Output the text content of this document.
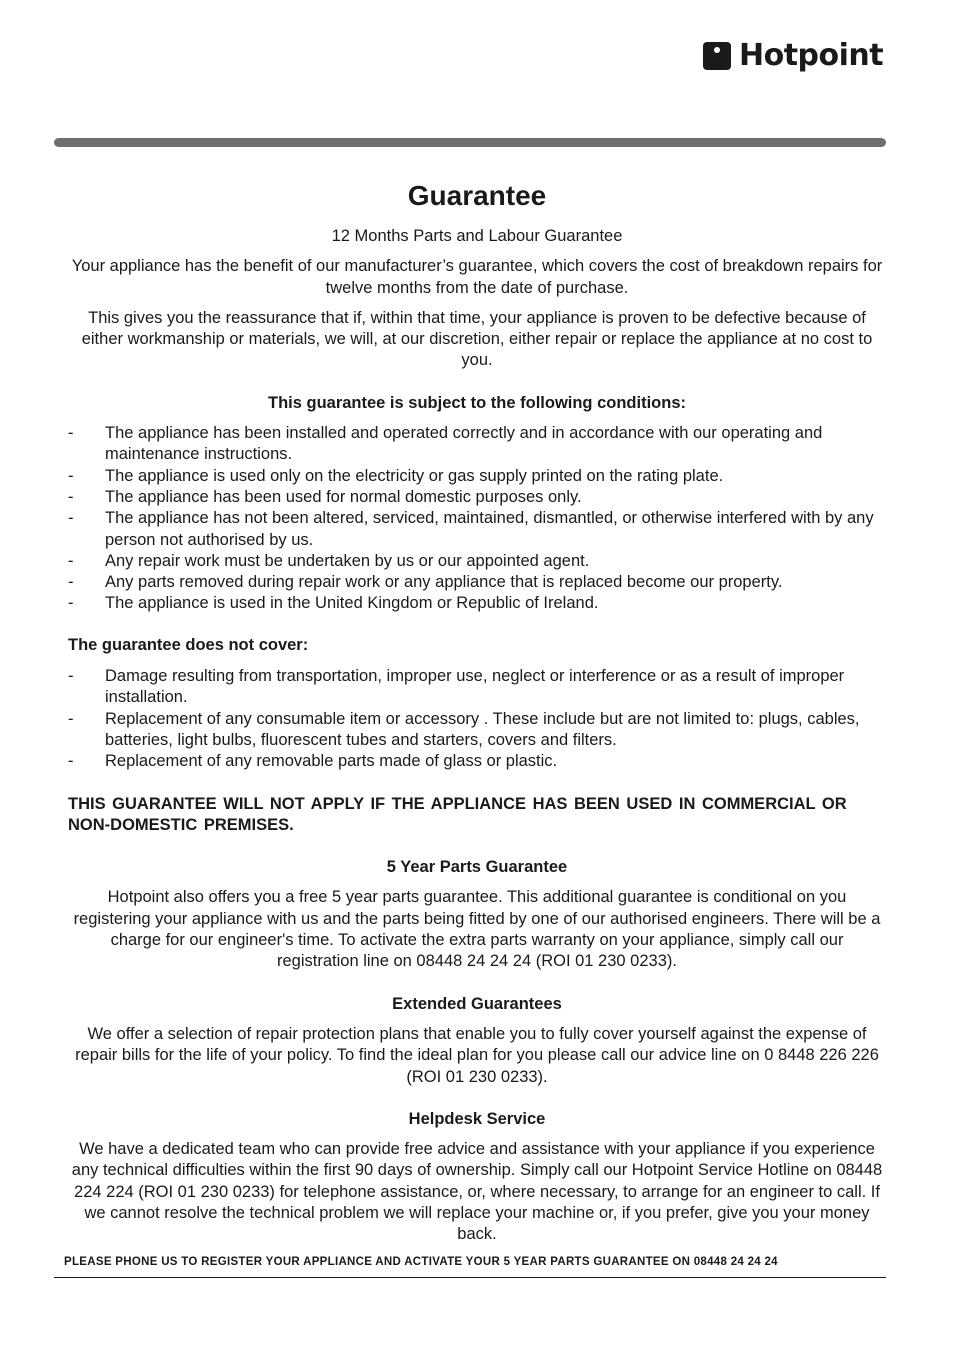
Hotpoint
Guarantee

12 Months Parts and Labour Guarantee

Your appliance has the benefit of our manufacturer’s guarantee, which covers the cost of breakdown repairs for twelve months from the date of purchase.

This gives you the reassurance that if, within that time, your appliance is proven to be defective because of either workmanship or materials, we will, at our discretion, either repair or replace the appliance at no cost to you.

This guarantee is subject to the following conditions:

- The appliance has been installed and operated correctly and in accordance with our operating and maintenance instructions.
- The appliance is used only on the electricity or gas supply printed on the rating plate.
- The appliance has been used for normal domestic purposes only.
- The appliance has not been altered, serviced, maintained, dismantled, or otherwise interfered with by any person not authorised by us.
- Any repair work must be undertaken by us or our appointed agent.
- Any parts removed during repair work or any appliance that is replaced become our property.
- The appliance is used in the United Kingdom or Republic of Ireland.

The guarantee does not cover:

- Damage resulting from transportation, improper use, neglect or interference or as a result of improper installation.
- Replacement of any consumable item or accessory . These include but are not limited to: plugs, cables, batteries, light bulbs, fluorescent tubes and starters, covers and filters.
- Replacement of any removable parts made of glass or plastic.

THIS GUARANTEE WILL NOT APPLY IF THE APPLIANCE HAS BEEN USED IN COMMERCIAL OR NON-DOMESTIC PREMISES.

5 Year Parts Guarantee

Hotpoint also offers you a free 5 year parts guarantee. This additional guarantee is conditional on you registering your appliance with us and the parts being fitted by one of our authorised engineers. There will be a charge for our engineer's time. To activate the extra parts warranty on your appliance, simply call our registration line on 08448 24 24 24 (ROI 01 230 0233).

Extended Guarantees

We offer a selection of repair protection plans that enable you to fully cover yourself against the expense of repair bills for the life of your policy. To find the ideal plan for you please call our advice line on 0 8448 226 226 (ROI 01 230 0233).

Helpdesk Service

We have a dedicated team who can provide free advice and assistance with your appliance if you experience any technical difficulties within the first 90 days of ownership. Simply call our Hotpoint Service Hotline on 08448 224 224 (ROI 01 230 0233) for telephone assistance, or, where necessary, to arrange for an engineer to call. If we cannot resolve the technical problem we will replace your machine or, if you prefer, give you your money back.

PLEASE PHONE US TO REGISTER YOUR APPLIANCE AND ACTIVATE YOUR 5 YEAR PARTS GUARANTEE ON 08448 24 24 24
